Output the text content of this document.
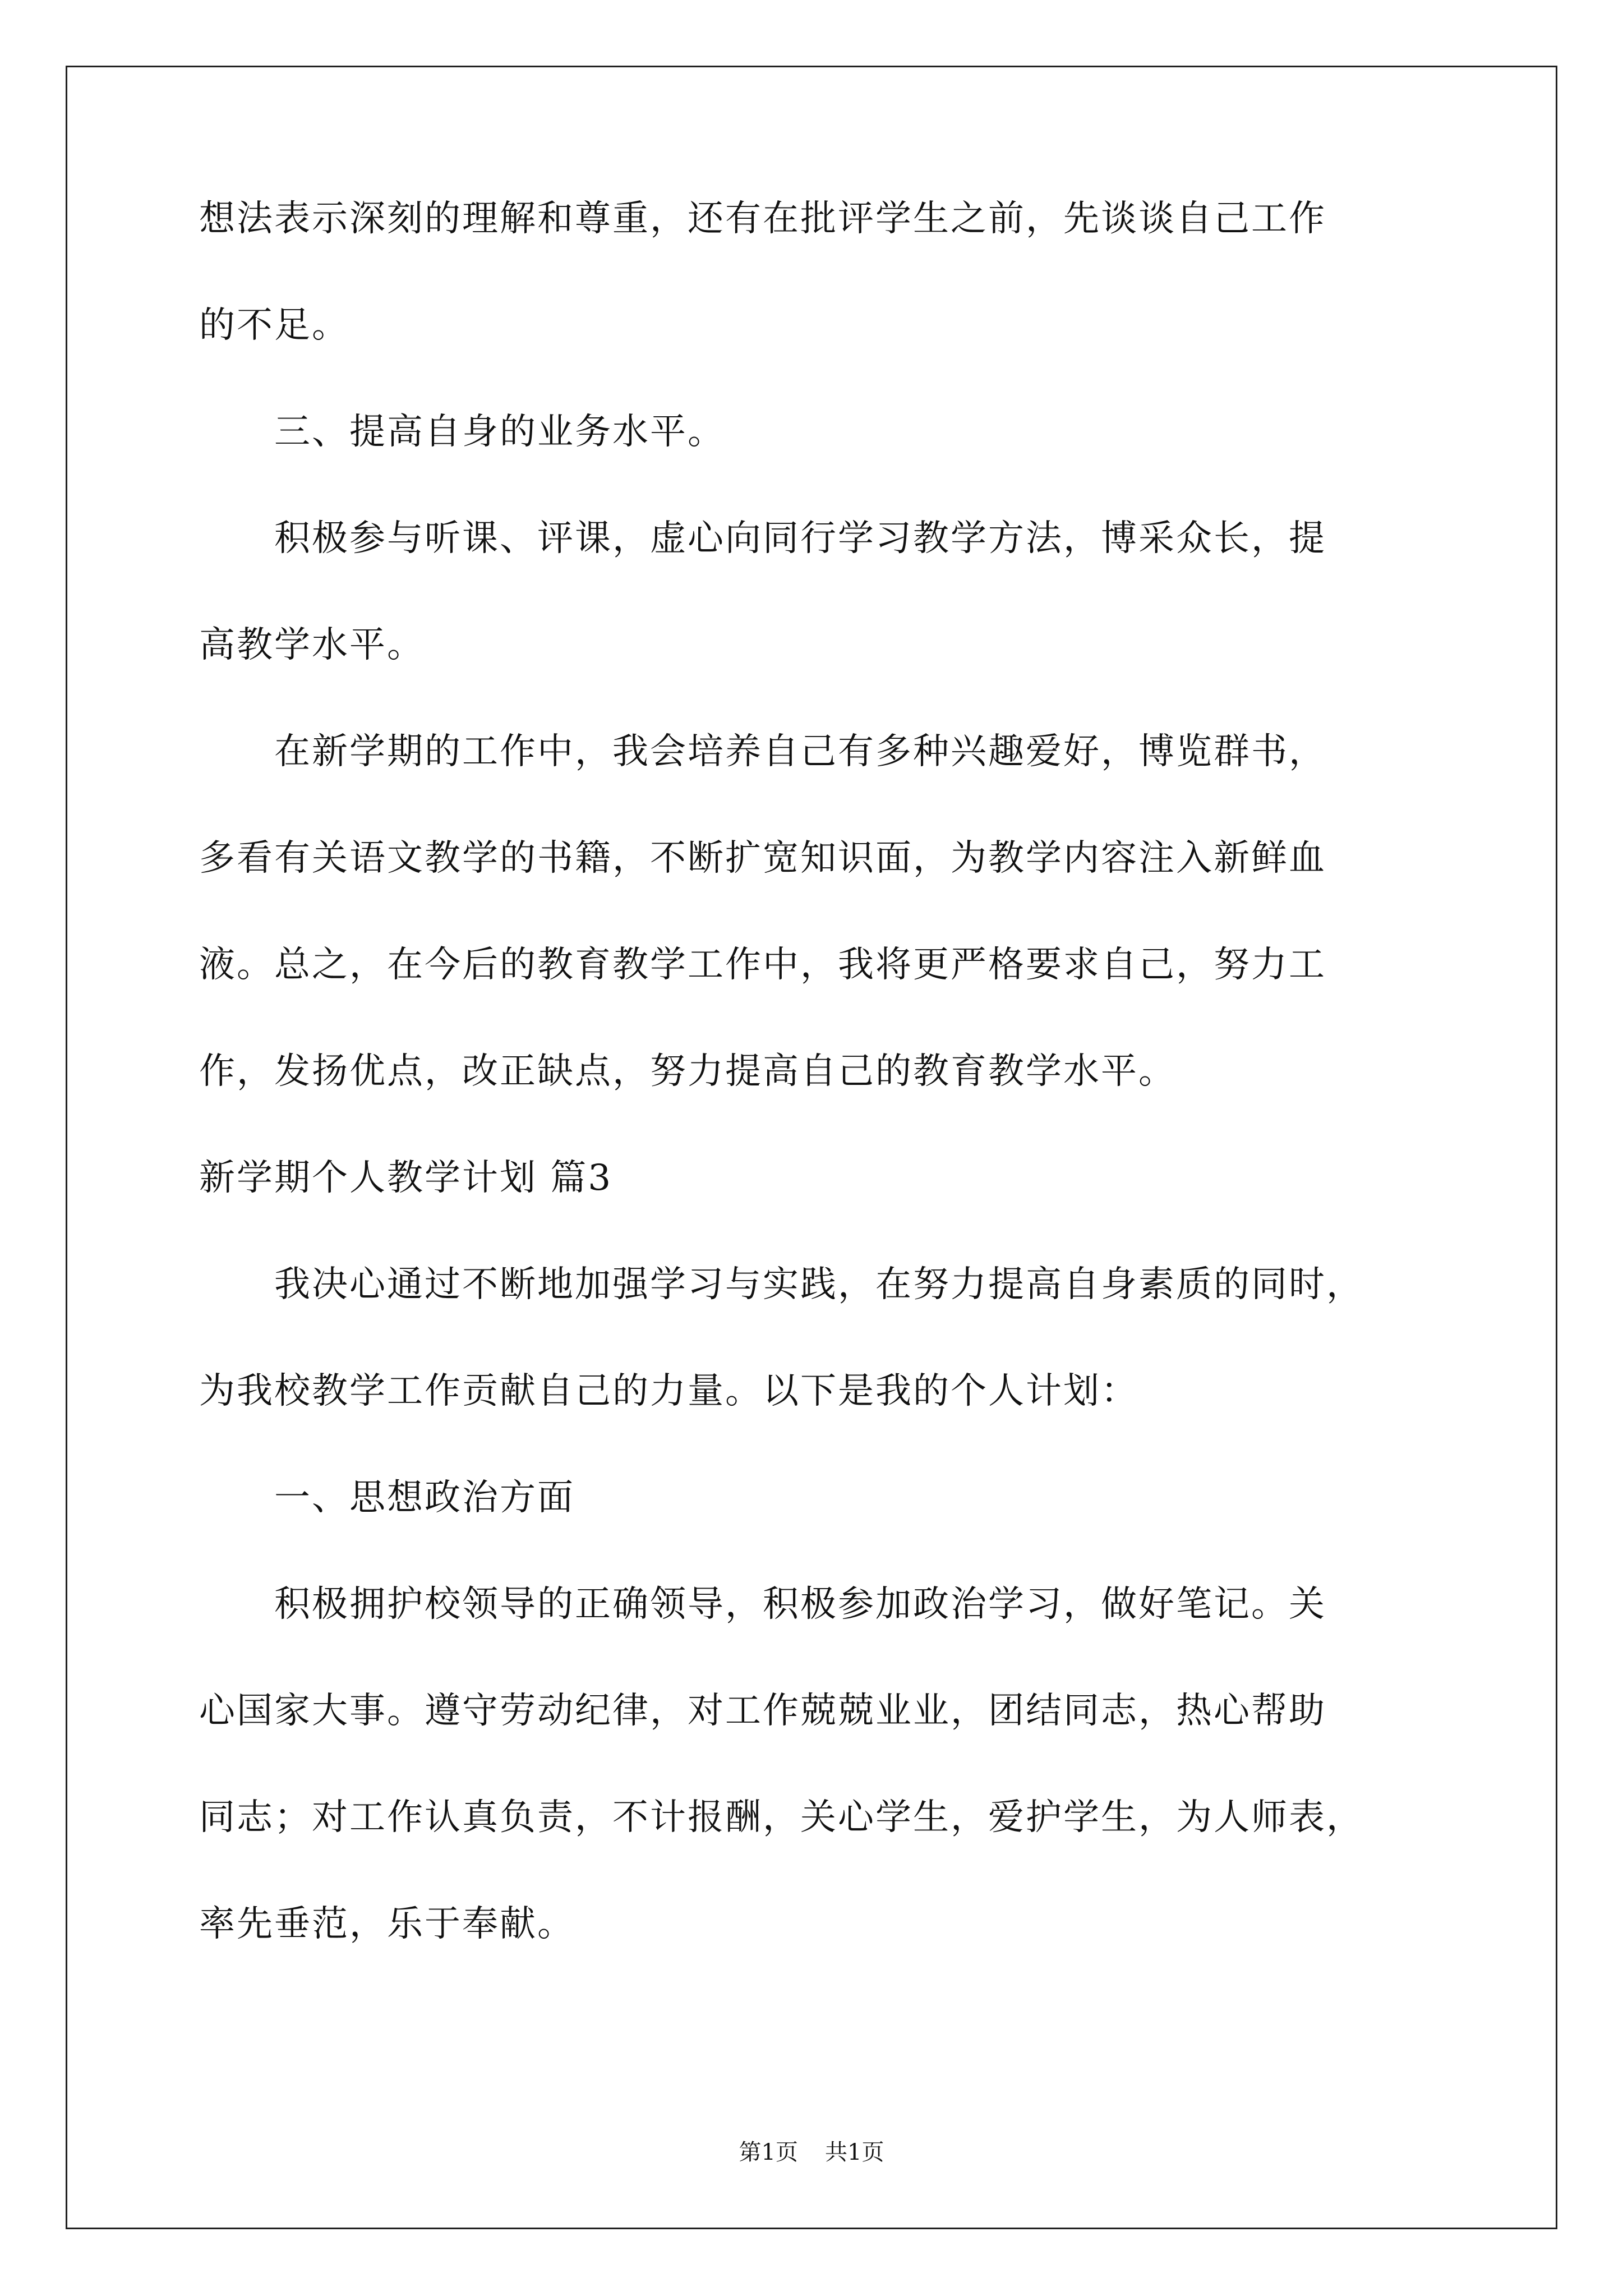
想法表示深刻的理解和尊重，还有在批评学生之前，先谈谈自己工作
的不足。
　　三、提高自身的业务水平。
　　积极参与听课、评课，虚心向同行学习教学方法，博采众长，提
高教学水平。
　　在新学期的工作中，我会培养自己有多种兴趣爱好，博览群书，
多看有关语文教学的书籍，不断扩宽知识面，为教学内容注入新鲜血
液。总之，在今后的教育教学工作中，我将更严格要求自己，努力工
作，发扬优点，改正缺点，努力提高自己的教育教学水平。
新学期个人教学计划 篇3
　　我决心通过不断地加强学习与实践，在努力提高自身素质的同时，
为我校教学工作贡献自己的力量。以下是我的个人计划：
　　一、思想政治方面
　　积极拥护校领导的正确领导，积极参加政治学习，做好笔记。关
心国家大事。遵守劳动纪律，对工作兢兢业业，团结同志，热心帮助
同志；对工作认真负责，不计报酬，关心学生，爱护学生，为人师表，
率先垂范，乐于奉献。
第1页 共1页
